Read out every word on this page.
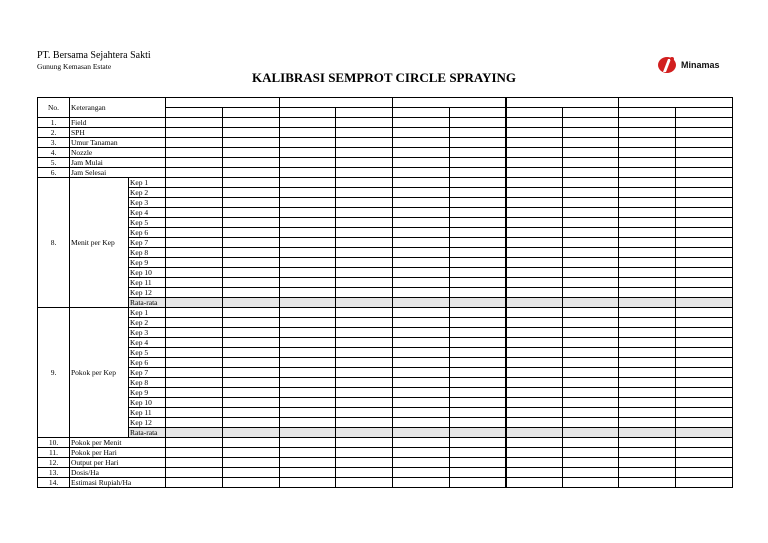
PT. Bersama Sejahtera Sakti
Gunung Kemasan Estate
KALIBRASI SEMPROT CIRCLE SPRAYING
Minamas
No.	Keterangan											

1.	Field											
2.	SPH											
3.	Umur Tanaman											
4.	Nozzle											
5.	Jam Mulai											
6.	Jam Selesai											
8.	Menit per Kep	Kep 1										
		Kep 2										
		Kep 3										
		Kep 4										
		Kep 5										
		Kep 6										
		Kep 7										
		Kep 8										
		Kep 9										
		Kep 10										
		Kep 11										
		Kep 12										
		Rata-rata										
9.	Pokok per Kep	Kep 1										
		Kep 2										
		Kep 3										
		Kep 4										
		Kep 5										
		Kep 6										
		Kep 7										
		Kep 8										
		Kep 9										
		Kep 10										
		Kep 11										
		Kep 12										
		Rata-rata										
10.	Pokok per Menit											
11.	Pokok per Hari											
12.	Output per Hari											
13.	Dosis/Ha											
14.	Estimasi Rupiah/Ha											
